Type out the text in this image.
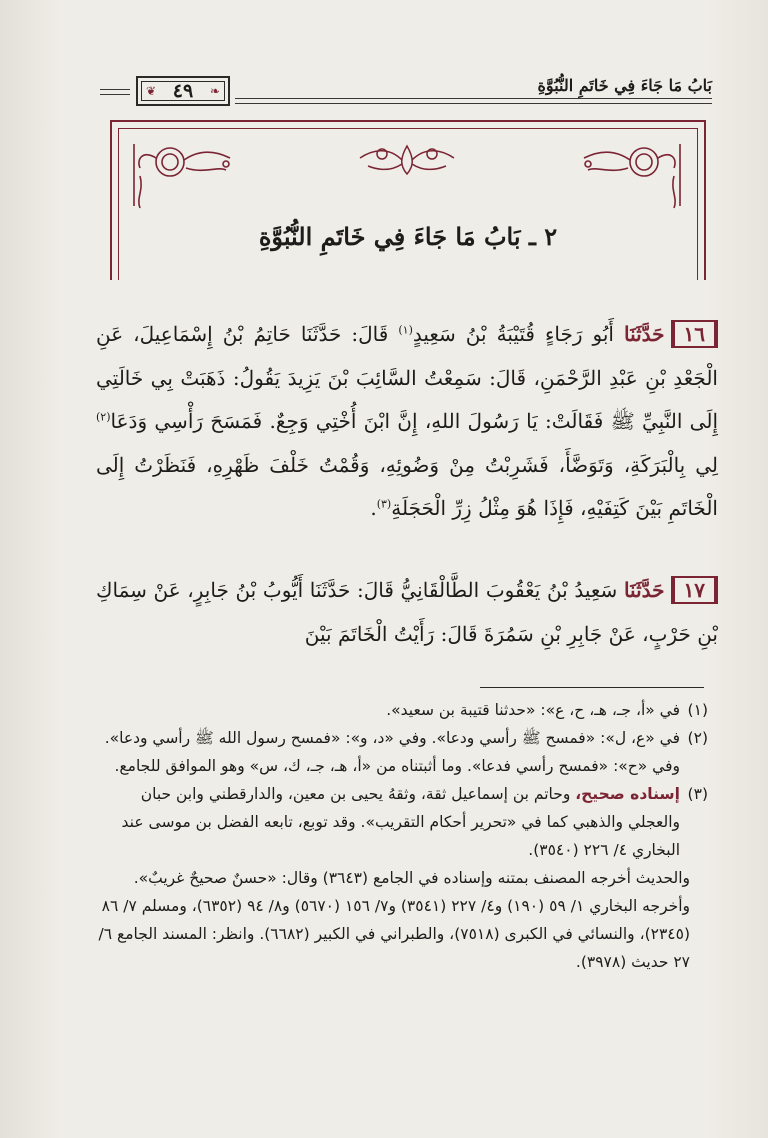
بَابُ مَا جَاءَ فِي خَاتَمِ النُّبُوَّةِ
❦ ٤٩ ❧
٢ ـ بَابُ مَا جَاءَ فِي خَاتَمِ النُّبُوَّةِ
١٦حَدَّثَنَا أَبُو رَجَاءٍ قُتَيْبَةُ بْنُ سَعِيدٍ$^{(١)}$ قَالَ: حَدَّثَنَا حَاتِمُ بْنُ إِسْمَاعِيلَ، عَنِ الْجَعْدِ بْنِ عَبْدِ الرَّحْمَنِ، قَالَ: سَمِعْتُ السَّائِبَ بْنَ يَزِيدَ يَقُولُ: ذَهَبَتْ بِي خَالَتِي إِلَى النَّبِيِّ ﷺ فَقَالَتْ: يَا رَسُولَ اللهِ، إِنَّ ابْنَ أُخْتِي وَجِعٌ. فَمَسَحَ رَأْسِي وَدَعَا$^{(٢)}$ لِي بِالْبَرَكَةِ، وَتَوَضَّأَ، فَشَرِبْتُ مِنْ وَضُوئِهِ، وَقُمْتُ خَلْفَ ظَهْرِهِ، فَنَظَرْتُ إِلَى الْخَاتَمِ بَيْنَ كَتِفَيْهِ، فَإِذَا هُوَ مِثْلُ زِرِّ الْحَجَلَةِ$^{(٣)}$.
١٧حَدَّثَنَا سَعِيدُ بْنُ يَعْقُوبَ الطَّالْقَانِيُّ قَالَ: حَدَّثَنَا أَيُّوبُ بْنُ جَابِرٍ، عَنْ سِمَاكِ بْنِ حَرْبٍ، عَنْ جَابِرِ بْنِ سَمُرَةَ قَالَ: رَأَيْتُ الْخَاتَمَ بَيْنَ

(١)
في «أ، جـ، هـ، ح، ع»: «حدثنا قتيبة بن سعيد».

(٢)
في «ع، ل»: «فمسح ﷺ رأسي ودعا». وفي «د، و»: «فمسح رسول الله ﷺ رأسي ودعا». وفي «ح»: «فمسح رأسي فدعا». وما أثبتناه من «أ، هـ، جـ، ك، س» وهو الموافق للجامع.

(٣)
إسناده صحيح، وحاتم بن إسماعيل ثقة، وثقهُ يحيى بن معين، والدارقطني وابن حبان والعجلي والذهبي كما في «تحرير أحكام التقريب». وقد توبع، تابعه الفضل بن موسى عند البخاري ٤/ ٢٢٦ (٣٥٤٠).

والحديث أخرجه المصنف بمتنه وإسناده في الجامع (٣٦٤٣) وقال: «حسنٌ صحيحٌ غريبٌ».

وأخرجه البخاري ١/ ٥٩ (١٩٠) و٤/ ٢٢٧ (٣٥٤١) و٧/ ١٥٦ (٥٦٧٠) و٨/ ٩٤ (٦٣٥٢)، ومسلم ٧/ ٨٦ (٢٣٤٥)، والنسائي في الكبرى (٧٥١٨)، والطبراني في الكبير (٦٦٨٢). وانظر: المسند الجامع ٦/ ٢٧ حديث (٣٩٧٨).
